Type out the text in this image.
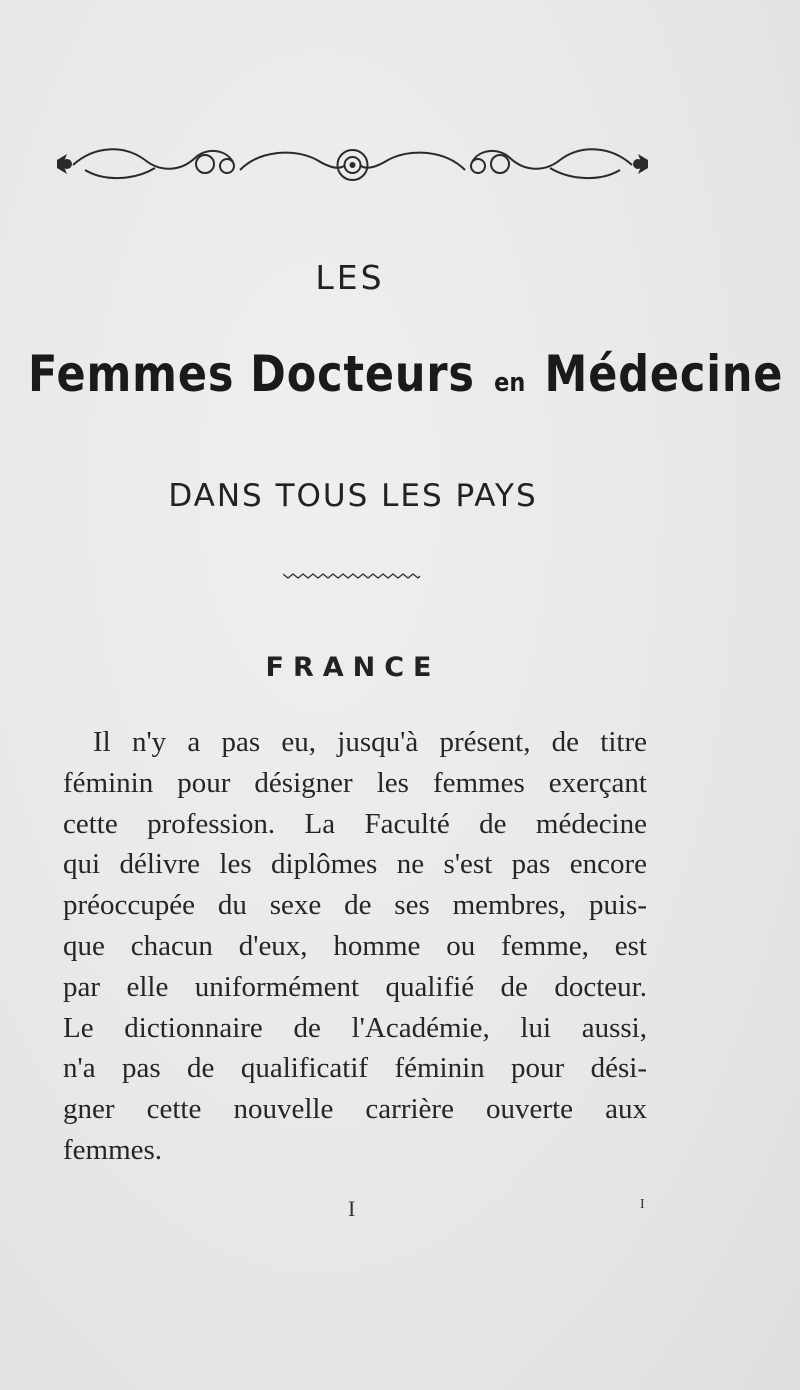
LES
Femmes Docteurs en Médecine
DANS TOUS LES PAYS
FRANCE
Il n'y a pas eu, jusqu'à présent, de titre
féminin pour désigner les femmes exerçant
cette profession. La Faculté de médecine
qui délivre les diplômes ne s'est pas encore
préoccupée du sexe de ses membres, puis-
que chacun d'eux, homme ou femme, est
par elle uniformément qualifié de docteur.
Le dictionnaire de l'Académie, lui aussi,
n'a pas de qualificatif féminin pour dési-
gner cette nouvelle carrière ouverte aux
femmes.
I	I
